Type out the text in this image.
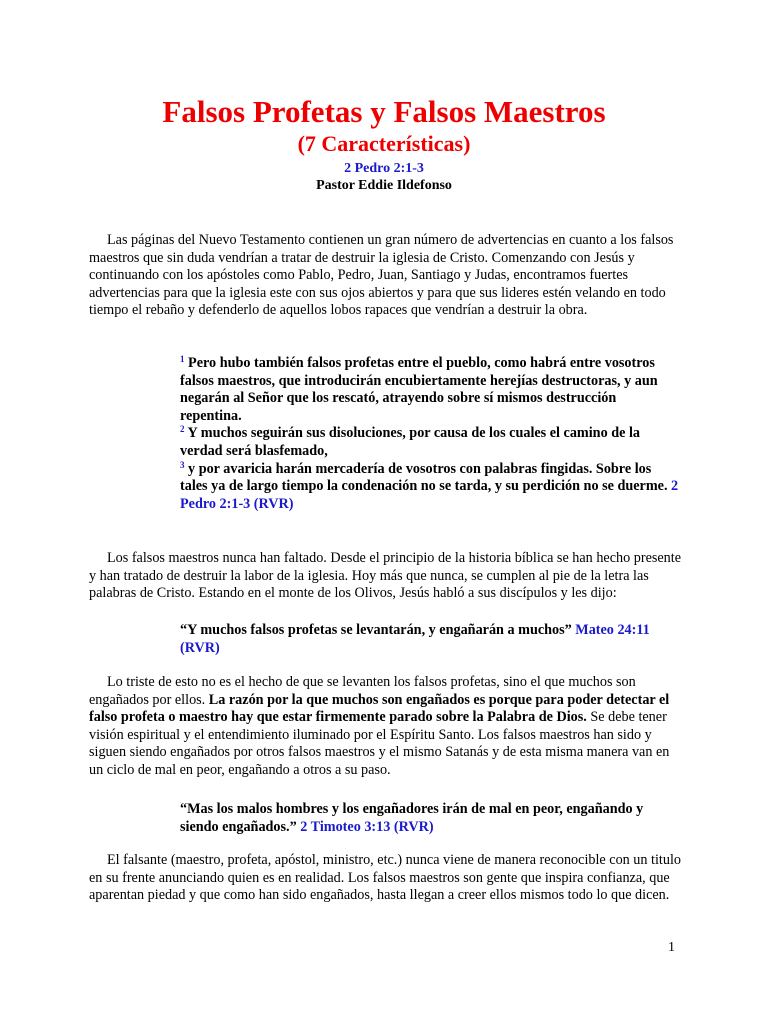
Falsos Profetas y Falsos Maestros
(7 Características)
2 Pedro 2:1-3
Pastor Eddie Ildefonso

Las páginas del Nuevo Testamento contienen un gran número de advertencias en cuanto a los falsos maestros que sin duda vendrían a tratar de destruir la iglesia de Cristo. Comenzando con Jesús y continuando con los apóstoles como Pablo, Pedro, Juan, Santiago y Judas, encontramos fuertes advertencias para que la iglesia este con sus ojos abiertos y para que sus lideres estén velando en todo tiempo el rebaño y defenderlo de aquellos lobos rapaces que vendrían a destruir la obra.

$^1$ Pero hubo también falsos profetas entre el pueblo, como habrá entre vosotros falsos maestros, que introducirán encubiertamente herejías destructoras, y aun negarán al Señor que los rescató, atrayendo sobre sí mismos destrucción repentina.
$^2$ Y muchos seguirán sus disoluciones, por causa de los cuales el camino de la verdad será blasfemado,
$^3$ y por avaricia harán mercadería de vosotros con palabras fingidas. Sobre los tales ya de largo tiempo la condenación no se tarda, y su perdición no se duerme. 2 Pedro 2:1-3 (RVR)

Los falsos maestros nunca han faltado. Desde el principio de la historia bíblica se han hecho presente y han tratado de destruir la labor de la iglesia. Hoy más que nunca, se cumplen al pie de la letra las palabras de Cristo. Estando en el monte de los Olivos, Jesús habló a sus discípulos y les dijo:

“Y muchos falsos profetas se levantarán, y engañarán a muchos” Mateo 24:11 (RVR)

Lo triste de esto no es el hecho de que se levanten los falsos profetas, sino el que muchos son engañados por ellos. La razón por la que muchos son engañados es porque para poder detectar el falso profeta o maestro hay que estar firmemente parado sobre la Palabra de Dios. Se debe tener visión espiritual y el entendimiento iluminado por el Espíritu Santo. Los falsos maestros han sido y siguen siendo engañados por otros falsos maestros y el mismo Satanás y de esta misma manera van en un ciclo de mal en peor, engañando a otros a su paso.

“Mas los malos hombres y los engañadores irán de mal en peor, engañando y siendo engañados.” 2 Timoteo 3:13 (RVR)

El falsante (maestro, profeta, apóstol, ministro, etc.) nunca viene de manera reconocible con un titulo en su frente anunciando quien es en realidad. Los falsos maestros son gente que inspira confianza, que aparentan piedad y que como han sido engañados, hasta llegan a creer ellos mismos todo lo que dicen.

1
